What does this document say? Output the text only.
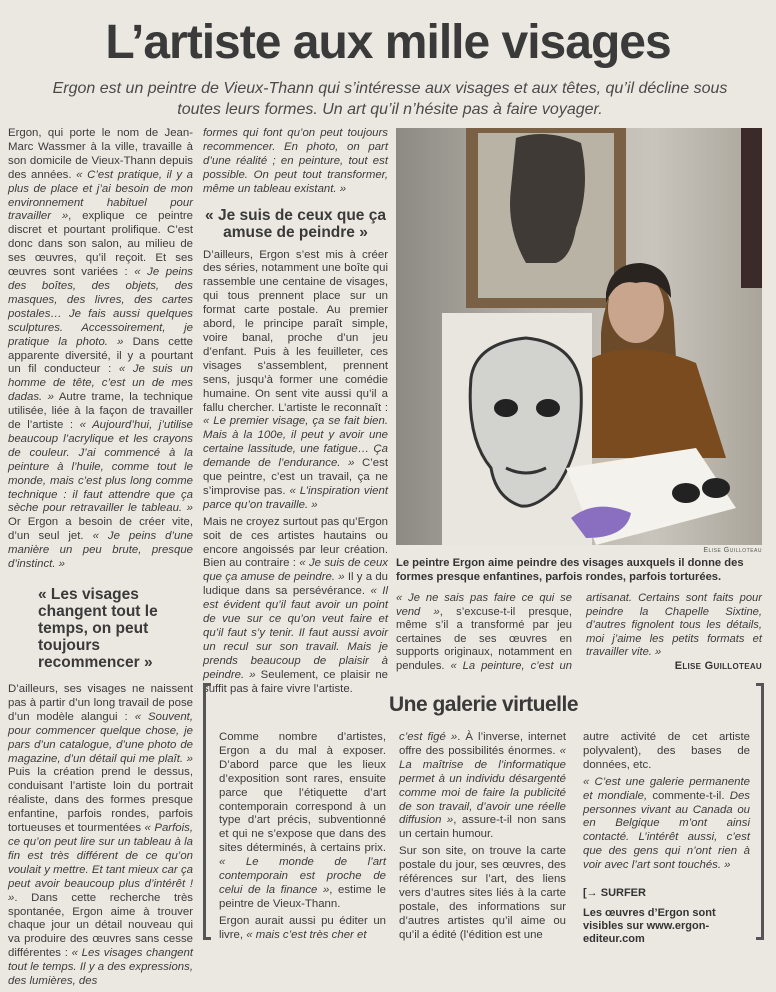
L’artiste aux mille visages
Ergon est un peintre de Vieux-Thann qui s’intéresse aux visages et aux têtes, qu’il décline sous toutes leurs formes. Un art qu’il n’hésite pas à faire voyager.

Ergon, qui porte le nom de Jean-Marc Wassmer à la ville, travaille à son domicile de Vieux-Thann depuis des années. « C’est pratique, il y a plus de place et j’ai besoin de mon environnement habituel pour travailler », explique ce peintre discret et pourtant prolifique. C’est donc dans son salon, au milieu de ses œuvres, qu’il reçoit. Et ses œuvres sont variées : « Je peins des boîtes, des objets, des masques, des livres, des cartes postales… Je fais aussi quelques sculptures. Accessoirement, je pratique la photo. » Dans cette apparente diversité, il y a pourtant un fil conducteur : « Je suis un homme de tête, c’est un de mes dadas. » Autre trame, la technique utilisée, liée à la façon de travailler de l’artiste : « Aujourd’hui, j’utilise beaucoup l’acrylique et les crayons de couleur. J’ai commencé à la peinture à l’huile, comme tout le monde, mais c’est plus long comme technique : il faut attendre que ça sèche pour retravailler le tableau. » Or Ergon a besoin de créer vite, d’un seul jet. « Je peins d’une manière un peu brute, presque d’instinct. »

« Les visages changent tout le temps, on peut toujours recommencer »

D’ailleurs, ses visages ne naissent pas à partir d’un long travail de pose d’un modèle alangui : « Souvent, pour commencer quelque chose, je pars d’un catalogue, d’une photo de magazine, d’un détail qui me plaît. » Puis la création prend le dessus, conduisant l’artiste loin du portrait réaliste, dans des formes presque enfantine, parfois rondes, parfois tortueuses et tourmentées « Parfois, ce qu’on peut lire sur un tableau à la fin est très différent de ce qu’on voulait y mettre. Et tant mieux car ça peut avoir beaucoup plus d’intérêt ! ». Dans cette recherche très spontanée, Ergon aime à trouver chaque jour un détail nouveau qui va produire des œuvres sans cesse différentes : « Les visages changent tout le temps. Il y a des expressions, des lumières, des

formes qui font qu’on peut toujours recommencer. En photo, on part d’une réalité ; en peinture, tout est possible. On peut tout transformer, même un tableau existant. »

« Je suis de ceux que ça amuse de peindre »

D’ailleurs, Ergon s’est mis à créer des séries, notamment une boîte qui rassemble une centaine de visages, qui tous prennent place sur un format carte postale. Au premier abord, le principe paraît simple, voire banal, proche d’un jeu d’enfant. Puis à les feuilleter, ces visages s’assemblent, prennent sens, jusqu’à former une comédie humaine. On sent vite aussi qu’il a fallu chercher. L’artiste le reconnaît : « Le premier visage, ça se fait bien. Mais à la 100e, il peut y avoir une certaine lassitude, une fatigue… Ça demande de l’endurance. » C’est que peintre, c’est un travail, ça ne s’improvise pas. « L’inspiration vient parce qu’on travaille. »

Mais ne croyez surtout pas qu’Ergon soit de ces artistes hautains ou encore angoissés par leur création. Bien au contraire : « Je suis de ceux que ça amuse de peindre. » Il y a du ludique dans sa persévérance. « Il est évident qu’il faut avoir un point de vue sur ce qu’on veut faire et qu’il faut s’y tenir. Il faut aussi avoir un recul sur son travail. Mais je prends beaucoup de plaisir à peindre. » Seulement, ce plaisir ne suffit pas à faire vivre l’artiste.

Elise Guilloteau
Le peintre Ergon aime peindre des visages auxquels il donne des formes presque enfantines, parfois rondes, parfois torturées.

« Je ne sais pas faire ce qui se vend », s’excuse-t-il presque, même s’il a transformé par jeu certaines de ses œuvres en supports originaux, notamment en pendules. « La peinture, c’est un artisanat. Certains sont faits pour peindre la Chapelle Sixtine, d’autres fignolent tous les détails, moi j’aime les petits formats et travailler vite. »

Elise Guilloteau
Une galerie virtuelle

Comme nombre d’artistes, Ergon a du mal à exposer. D’abord parce que les lieux d’exposition sont rares, ensuite parce que l’étiquette d’art contemporain correspond à un type d’art précis, subventionné et qui ne s’expose que dans des sites déterminés, à certains prix. « Le monde de l’art contemporain est proche de celui de la finance », estime le peintre de Vieux-Thann.

Ergon aurait aussi pu éditer un livre, « mais c’est très cher et

c’est figé ». À l’inverse, internet offre des possibilités énormes. « La maîtrise de l’informatique permet à un individu désargenté comme moi de faire la publicité de son travail, d’avoir une réelle diffusion », assure-t-il non sans un certain humour.

Sur son site, on trouve la carte postale du jour, ses œuvres, des références sur l’art, des liens vers d’autres sites liés à la carte postale, des informations sur d’autres artistes qu’il aime ou qu’il a édité (l’édition est une

autre activité de cet artiste polyvalent), des bases de données, etc.

« C’est une galerie permanente et mondiale, commente-t-il. Des personnes vivant au Canada ou en Belgique m’ont ainsi contacté. L’intérêt aussi, c’est que des gens qui n’ont rien à voir avec l’art sont touchés. »

[→ SURFER
Les œuvres d’Ergon sont visibles sur www.ergon-editeur.com
